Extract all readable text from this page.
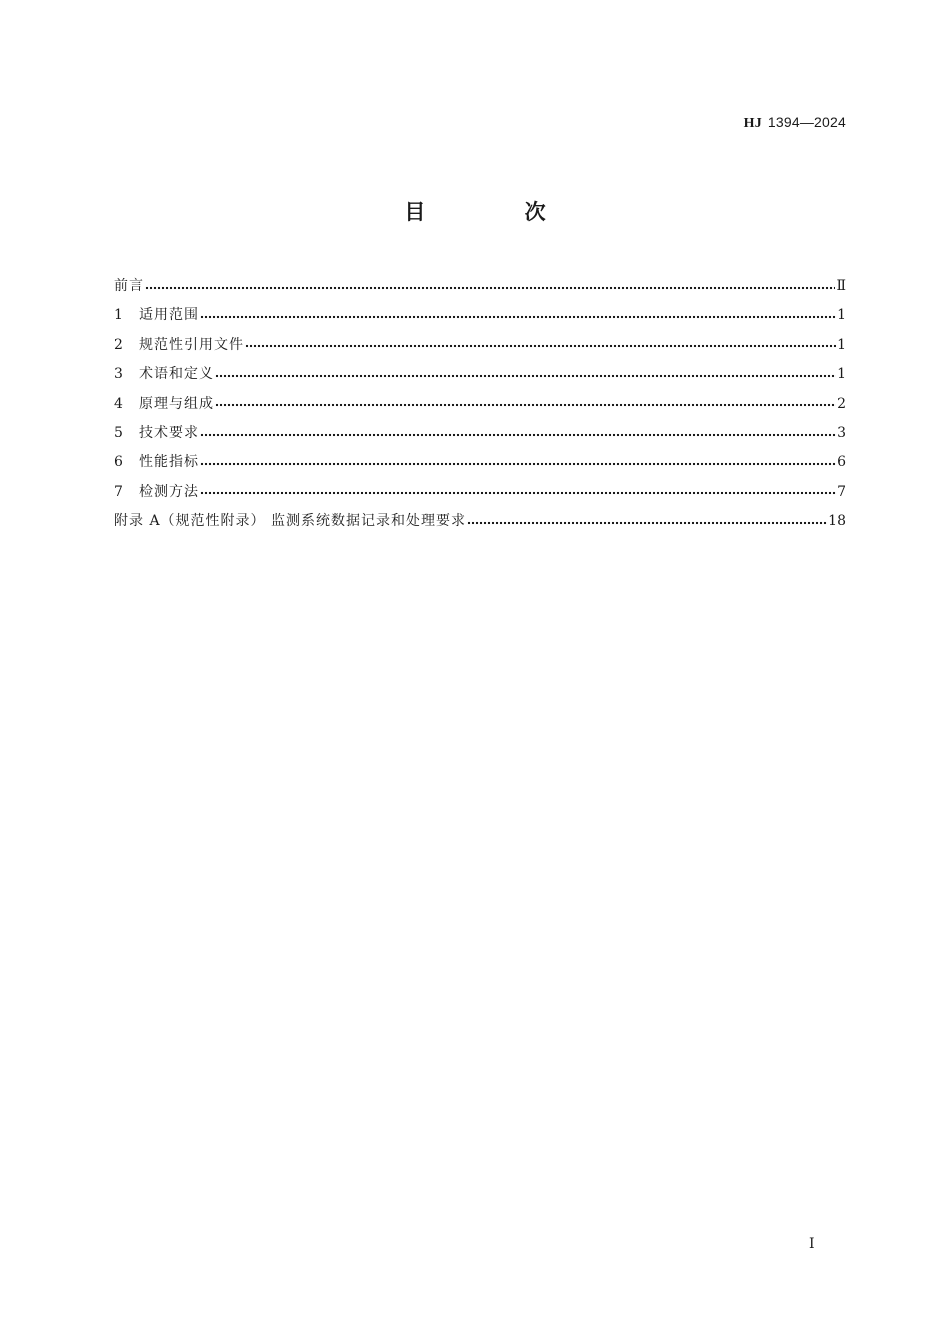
HJ 1394—2024
目 次
前言	Ⅱ
1	适用范围	1
2	规范性引用文件	1
3	术语和定义	1
4	原理与组成	2
5	技术要求	3
6	性能指标	6
7	检测方法	7
附录 A（规范性附录） 监测系统数据记录和处理要求	18
Ⅰ
